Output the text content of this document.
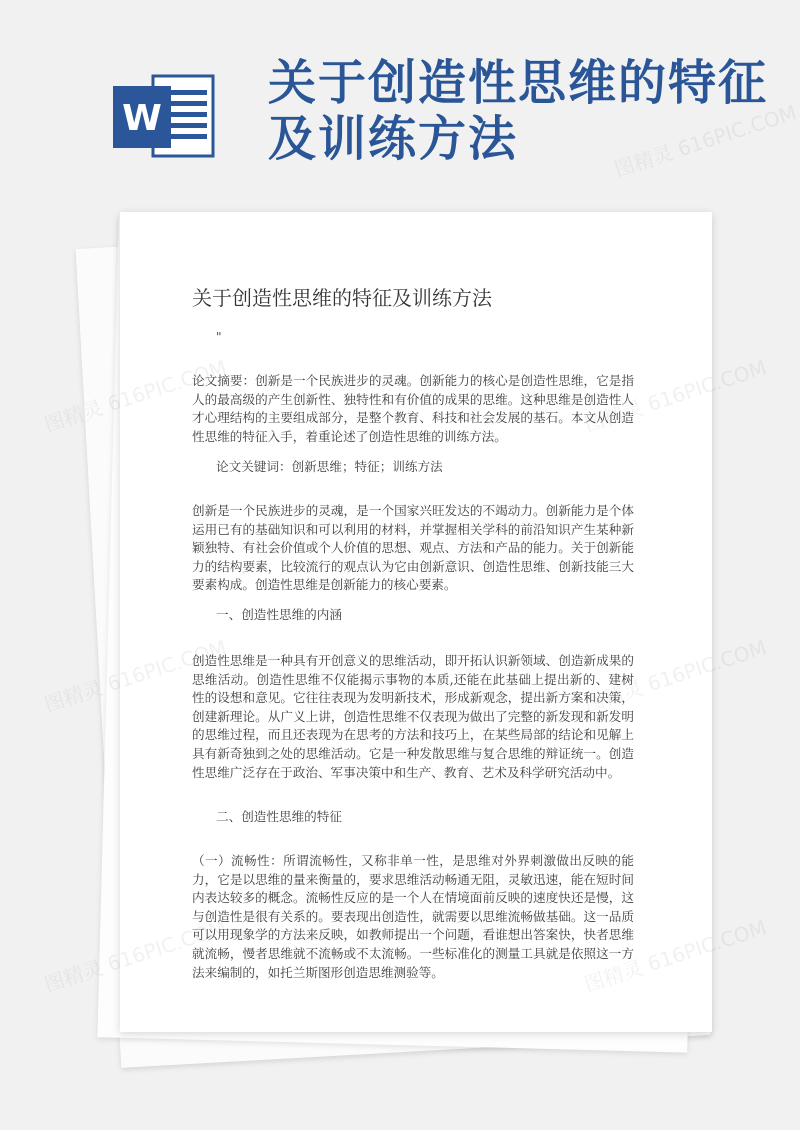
W
关于创造性思维的特征及训练方法
关于创造性思维的特征及训练方法
"

论文摘要：创新是一个民族进步的灵魂。创新能力的核心是创造性思维，它是指人的最高级的产生创新性、独特性和有价值的成果的思维。这种思维是创造性人才心理结构的主要组成部分，是整个教育、科技和社会发展的基石。本文从创造性思维的特征入手，着重论述了创造性思维的训练方法。

论文关键词：创新思维；特征；训练方法

创新是一个民族进步的灵魂，是一个国家兴旺发达的不竭动力。创新能力是个体运用已有的基础知识和可以利用的材料，并掌握相关学科的前沿知识产生某种新颖独特、有社会价值或个人价值的思想、观点、方法和产品的能力。关于创新能力的结构要素，比较流行的观点认为它由创新意识、创造性思维、创新技能三大要素构成。创造性思维是创新能力的核心要素。

一、创造性思维的内涵

创造性思维是一种具有开创意义的思维活动，即开拓认识新领域、创造新成果的思维活动。创造性思维不仅能揭示事物的本质,还能在此基础上提出新的、建树性的设想和意见。它往往表现为发明新技术，形成新观念，提出新方案和决策，创建新理论。从广义上讲，创造性思维不仅表现为做出了完整的新发现和新发明的思维过程，而且还表现为在思考的方法和技巧上，在某些局部的结论和见解上具有新奇独到之处的思维活动。它是一种发散思维与复合思维的辩证统一。创造性思维广泛存在于政治、军事决策中和生产、教育、艺术及科学研究活动中。

二、创造性思维的特征

（一）流畅性：所谓流畅性，又称非单一性，是思维对外界刺激做出反映的能力，它是以思维的量来衡量的，要求思维活动畅通无阻，灵敏迅速，能在短时间内表达较多的概念。流畅性反应的是一个人在情境面前反映的速度快还是慢，这与创造性是很有关系的。要表现出创造性，就需要以思维流畅做基础。这一品质可以用现象学的方法来反映，如教师提出一个问题，看谁想出答案快，快者思维就流畅，慢者思维就不流畅或不太流畅。一些标准化的测量工具就是依照这一方法来编制的，如托兰斯图形创造思维测验等。

图精灵 616PIC.COM
图精灵
图精灵
图精灵
